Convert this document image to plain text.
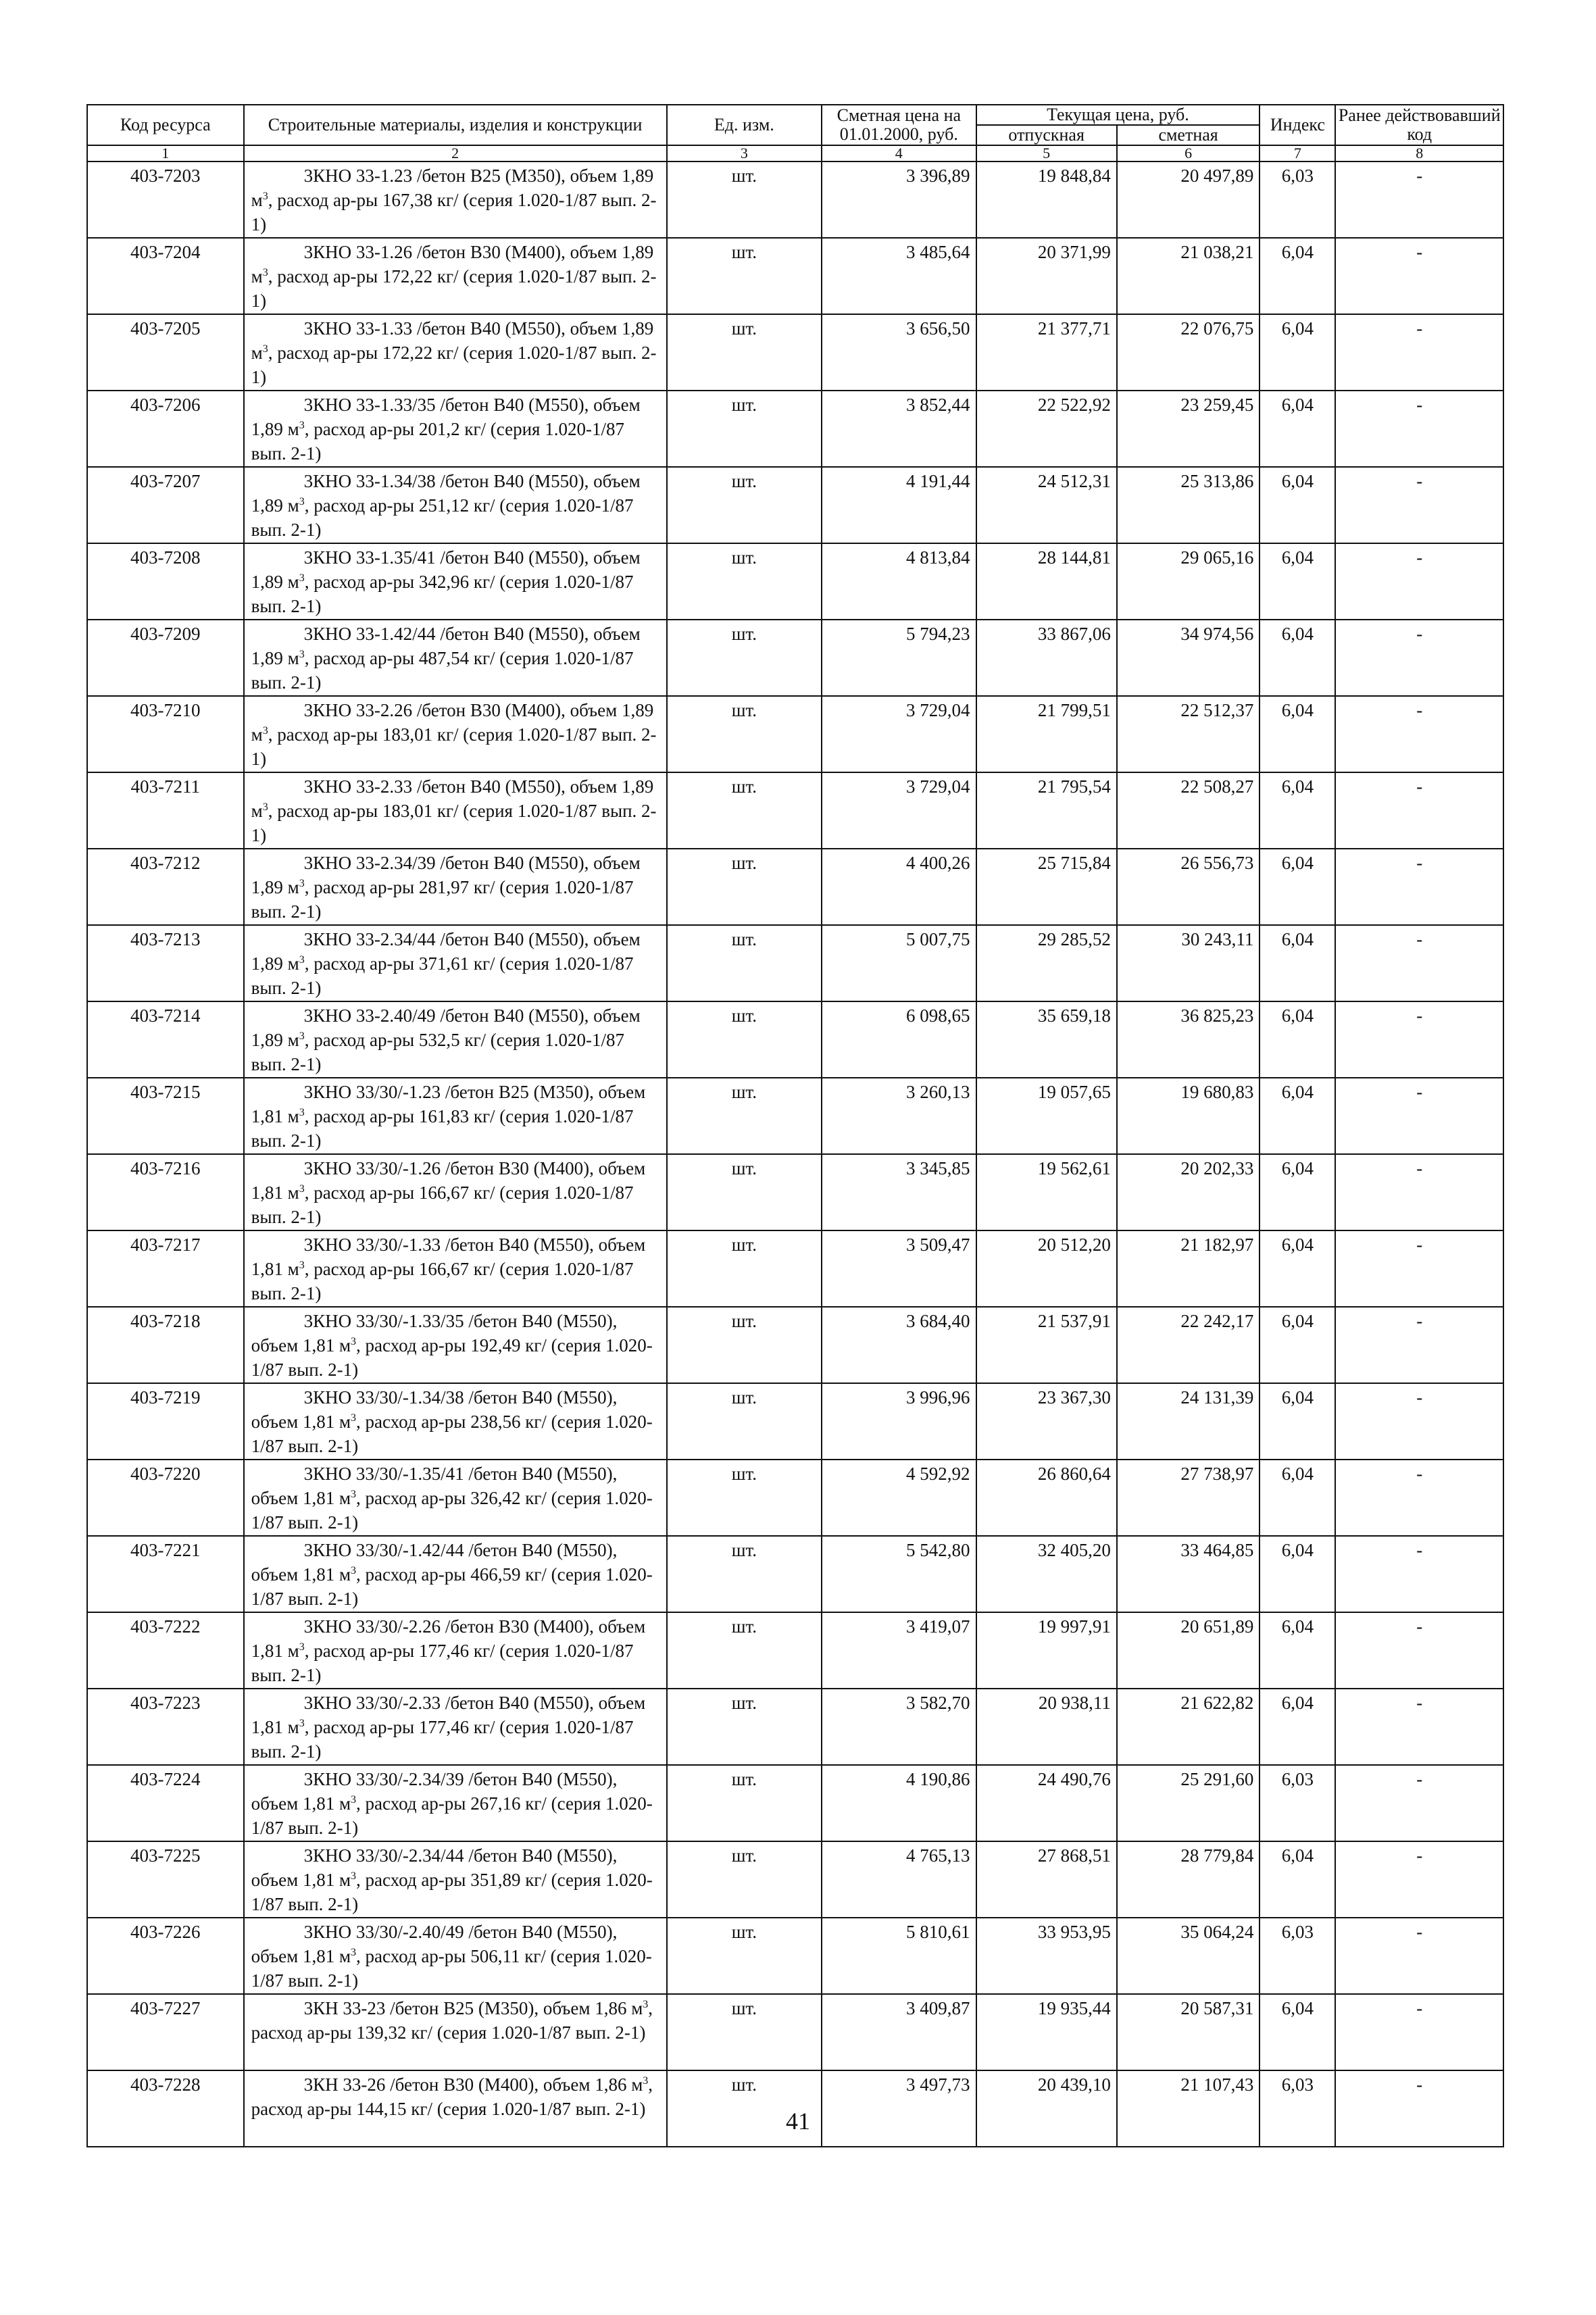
Код ресурса	Строительные материалы, изделия и конструкции	Ед. изм.	Сметная цена на 01.01.2000, руб.	Текущая цена, руб.		Индекс	Ранее действовавший код
				отпускная	сметная		
1	2	3	4	5	6	7	8
403-7203	3КНО 33-1.23 /бетон В25 (М350), объем 1,89 $м^3$, расход ар-ры 167,38 кг/ (серия 1.020-1/87 вып. 2-1)	шт.	3 396,89	19 848,84	20 497,89	6,03	-
403-7204	3КНО 33-1.26 /бетон В30 (М400), объем 1,89 $м^3$, расход ар-ры 172,22 кг/ (серия 1.020-1/87 вып. 2-1)	шт.	3 485,64	20 371,99	21 038,21	6,04	-
403-7205	3КНО 33-1.33 /бетон В40 (М550), объем 1,89 $м^3$, расход ар-ры 172,22 кг/ (серия 1.020-1/87 вып. 2-1)	шт.	3 656,50	21 377,71	22 076,75	6,04	-
403-7206	3КНО 33-1.33/35 /бетон В40 (М550), объем 1,89 $м^3$, расход ар-ры 201,2 кг/ (серия 1.020-1/87 вып. 2-1)	шт.	3 852,44	22 522,92	23 259,45	6,04	-
403-7207	3КНО 33-1.34/38 /бетон В40 (М550), объем 1,89 $м^3$, расход ар-ры 251,12 кг/ (серия 1.020-1/87 вып. 2-1)	шт.	4 191,44	24 512,31	25 313,86	6,04	-
403-7208	3КНО 33-1.35/41 /бетон В40 (М550), объем 1,89 $м^3$, расход ар-ры 342,96 кг/ (серия 1.020-1/87 вып. 2-1)	шт.	4 813,84	28 144,81	29 065,16	6,04	-
403-7209	3КНО 33-1.42/44 /бетон В40 (М550), объем 1,89 $м^3$, расход ар-ры 487,54 кг/ (серия 1.020-1/87 вып. 2-1)	шт.	5 794,23	33 867,06	34 974,56	6,04	-
403-7210	3КНО 33-2.26 /бетон В30 (М400), объем 1,89 $м^3$, расход ар-ры 183,01 кг/ (серия 1.020-1/87 вып. 2-1)	шт.	3 729,04	21 799,51	22 512,37	6,04	-
403-7211	3КНО 33-2.33 /бетон В40 (М550), объем 1,89 $м^3$, расход ар-ры 183,01 кг/ (серия 1.020-1/87 вып. 2-1)	шт.	3 729,04	21 795,54	22 508,27	6,04	-
403-7212	3КНО 33-2.34/39 /бетон В40 (М550), объем 1,89 $м^3$, расход ар-ры 281,97 кг/ (серия 1.020-1/87 вып. 2-1)	шт.	4 400,26	25 715,84	26 556,73	6,04	-
403-7213	3КНО 33-2.34/44 /бетон В40 (М550), объем 1,89 $м^3$, расход ар-ры 371,61 кг/ (серия 1.020-1/87 вып. 2-1)	шт.	5 007,75	29 285,52	30 243,11	6,04	-
403-7214	3КНО 33-2.40/49 /бетон В40 (М550), объем 1,89 $м^3$, расход ар-ры 532,5 кг/ (серия 1.020-1/87 вып. 2-1)	шт.	6 098,65	35 659,18	36 825,23	6,04	-
403-7215	3КНО 33/30/-1.23 /бетон В25 (М350), объем 1,81 $м^3$, расход ар-ры 161,83 кг/ (серия 1.020-1/87 вып. 2-1)	шт.	3 260,13	19 057,65	19 680,83	6,04	-
403-7216	3КНО 33/30/-1.26 /бетон В30 (М400), объем 1,81 $м^3$, расход ар-ры 166,67 кг/ (серия 1.020-1/87 вып. 2-1)	шт.	3 345,85	19 562,61	20 202,33	6,04	-
403-7217	3КНО 33/30/-1.33 /бетон В40 (М550), объем 1,81 $м^3$, расход ар-ры 166,67 кг/ (серия 1.020-1/87 вып. 2-1)	шт.	3 509,47	20 512,20	21 182,97	6,04	-
403-7218	3КНО 33/30/-1.33/35 /бетон В40 (М550), объем 1,81 $м^3$, расход ар-ры 192,49 кг/ (серия 1.020-1/87 вып. 2-1)	шт.	3 684,40	21 537,91	22 242,17	6,04	-
403-7219	3КНО 33/30/-1.34/38 /бетон В40 (М550), объем 1,81 $м^3$, расход ар-ры 238,56 кг/ (серия 1.020-1/87 вып. 2-1)	шт.	3 996,96	23 367,30	24 131,39	6,04	-
403-7220	3КНО 33/30/-1.35/41 /бетон В40 (М550), объем 1,81 $м^3$, расход ар-ры 326,42 кг/ (серия 1.020-1/87 вып. 2-1)	шт.	4 592,92	26 860,64	27 738,97	6,04	-
403-7221	3КНО 33/30/-1.42/44 /бетон В40 (М550), объем 1,81 $м^3$, расход ар-ры 466,59 кг/ (серия 1.020-1/87 вып. 2-1)	шт.	5 542,80	32 405,20	33 464,85	6,04	-
403-7222	3КНО 33/30/-2.26 /бетон В30 (М400), объем 1,81 $м^3$, расход ар-ры 177,46 кг/ (серия 1.020-1/87 вып. 2-1)	шт.	3 419,07	19 997,91	20 651,89	6,04	-
403-7223	3КНО 33/30/-2.33 /бетон В40 (М550), объем 1,81 $м^3$, расход ар-ры 177,46 кг/ (серия 1.020-1/87 вып. 2-1)	шт.	3 582,70	20 938,11	21 622,82	6,04	-
403-7224	3КНО 33/30/-2.34/39 /бетон В40 (М550), объем 1,81 $м^3$, расход ар-ры 267,16 кг/ (серия 1.020-1/87 вып. 2-1)	шт.	4 190,86	24 490,76	25 291,60	6,03	-
403-7225	3КНО 33/30/-2.34/44 /бетон В40 (М550), объем 1,81 $м^3$, расход ар-ры 351,89 кг/ (серия 1.020-1/87 вып. 2-1)	шт.	4 765,13	27 868,51	28 779,84	6,04	-
403-7226	3КНО 33/30/-2.40/49 /бетон В40 (М550), объем 1,81 $м^3$, расход ар-ры 506,11 кг/ (серия 1.020-1/87 вып. 2-1)	шт.	5 810,61	33 953,95	35 064,24	6,03	-
403-7227	3КН 33-23 /бетон В25 (М350), объем 1,86 $м^3$, расход ар-ры 139,32 кг/ (серия 1.020-1/87 вып. 2-1)	шт.	3 409,87	19 935,44	20 587,31	6,04	-
403-7228	3КН 33-26 /бетон В30 (М400), объем 1,86 $м^3$, расход ар-ры 144,15 кг/ (серия 1.020-1/87 вып. 2-1)	шт.	3 497,73	20 439,10	21 107,43	6,03	-
41
